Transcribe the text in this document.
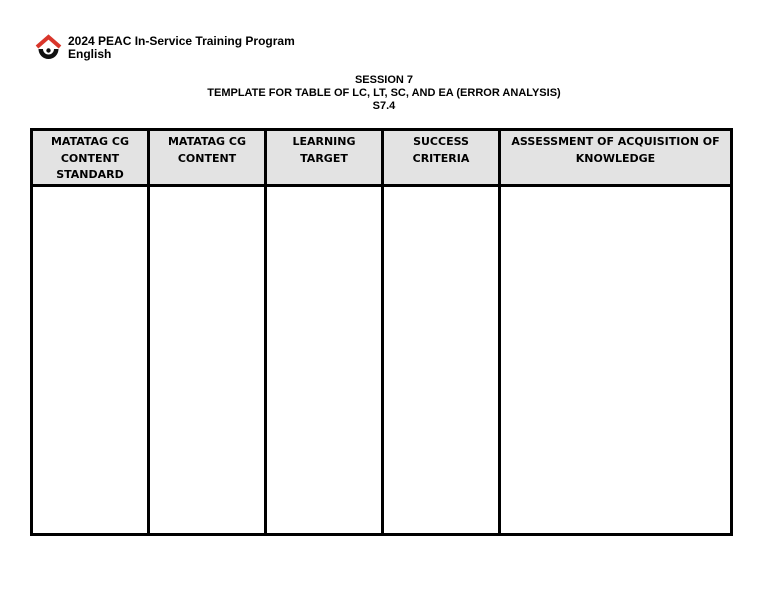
2024 PEAC In-Service Training Program
English
SESSION 7
TEMPLATE FOR TABLE OF LC, LT, SC, AND EA (ERROR ANALYSIS)
S7.4
MATATAG CG CONTENT STANDARD	MATATAG CG CONTENT	LEARNING TARGET	SUCCESS CRITERIA	ASSESSMENT OF ACQUISITION OF KNOWLEDGE
